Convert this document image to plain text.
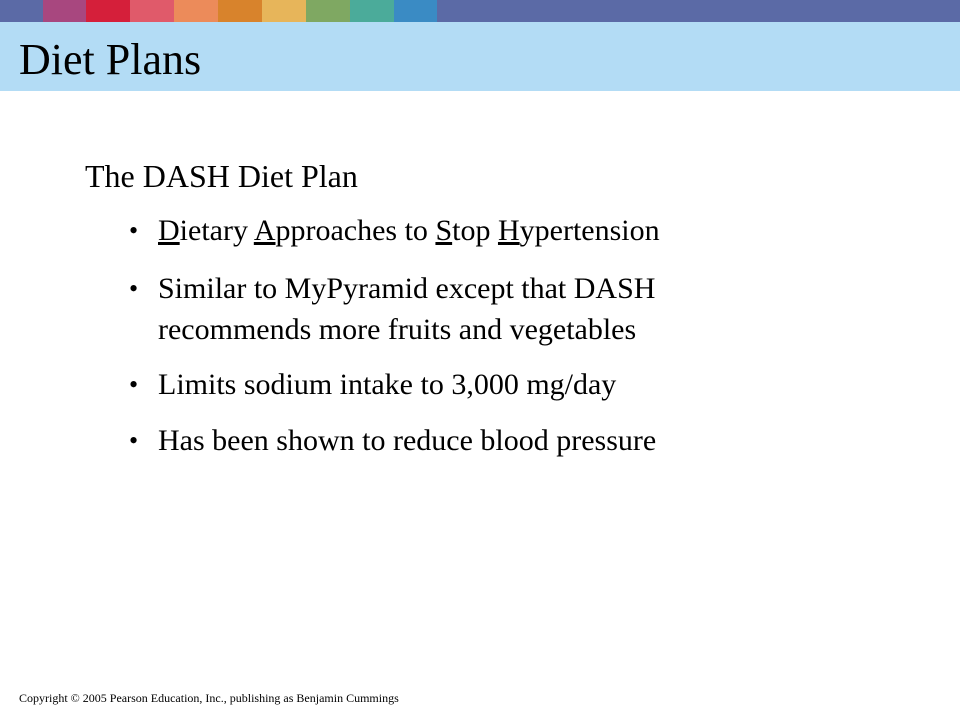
Diet Plans
The DASH Diet Plan
• Dietary Approaches to Stop Hypertension
• Similar to MyPyramid except that DASH recommends more fruits and vegetables
• Limits sodium intake to 3,000 mg/day
• Has been shown to reduce blood pressure
Copyright © 2005 Pearson Education, Inc., publishing as Benjamin Cummings
